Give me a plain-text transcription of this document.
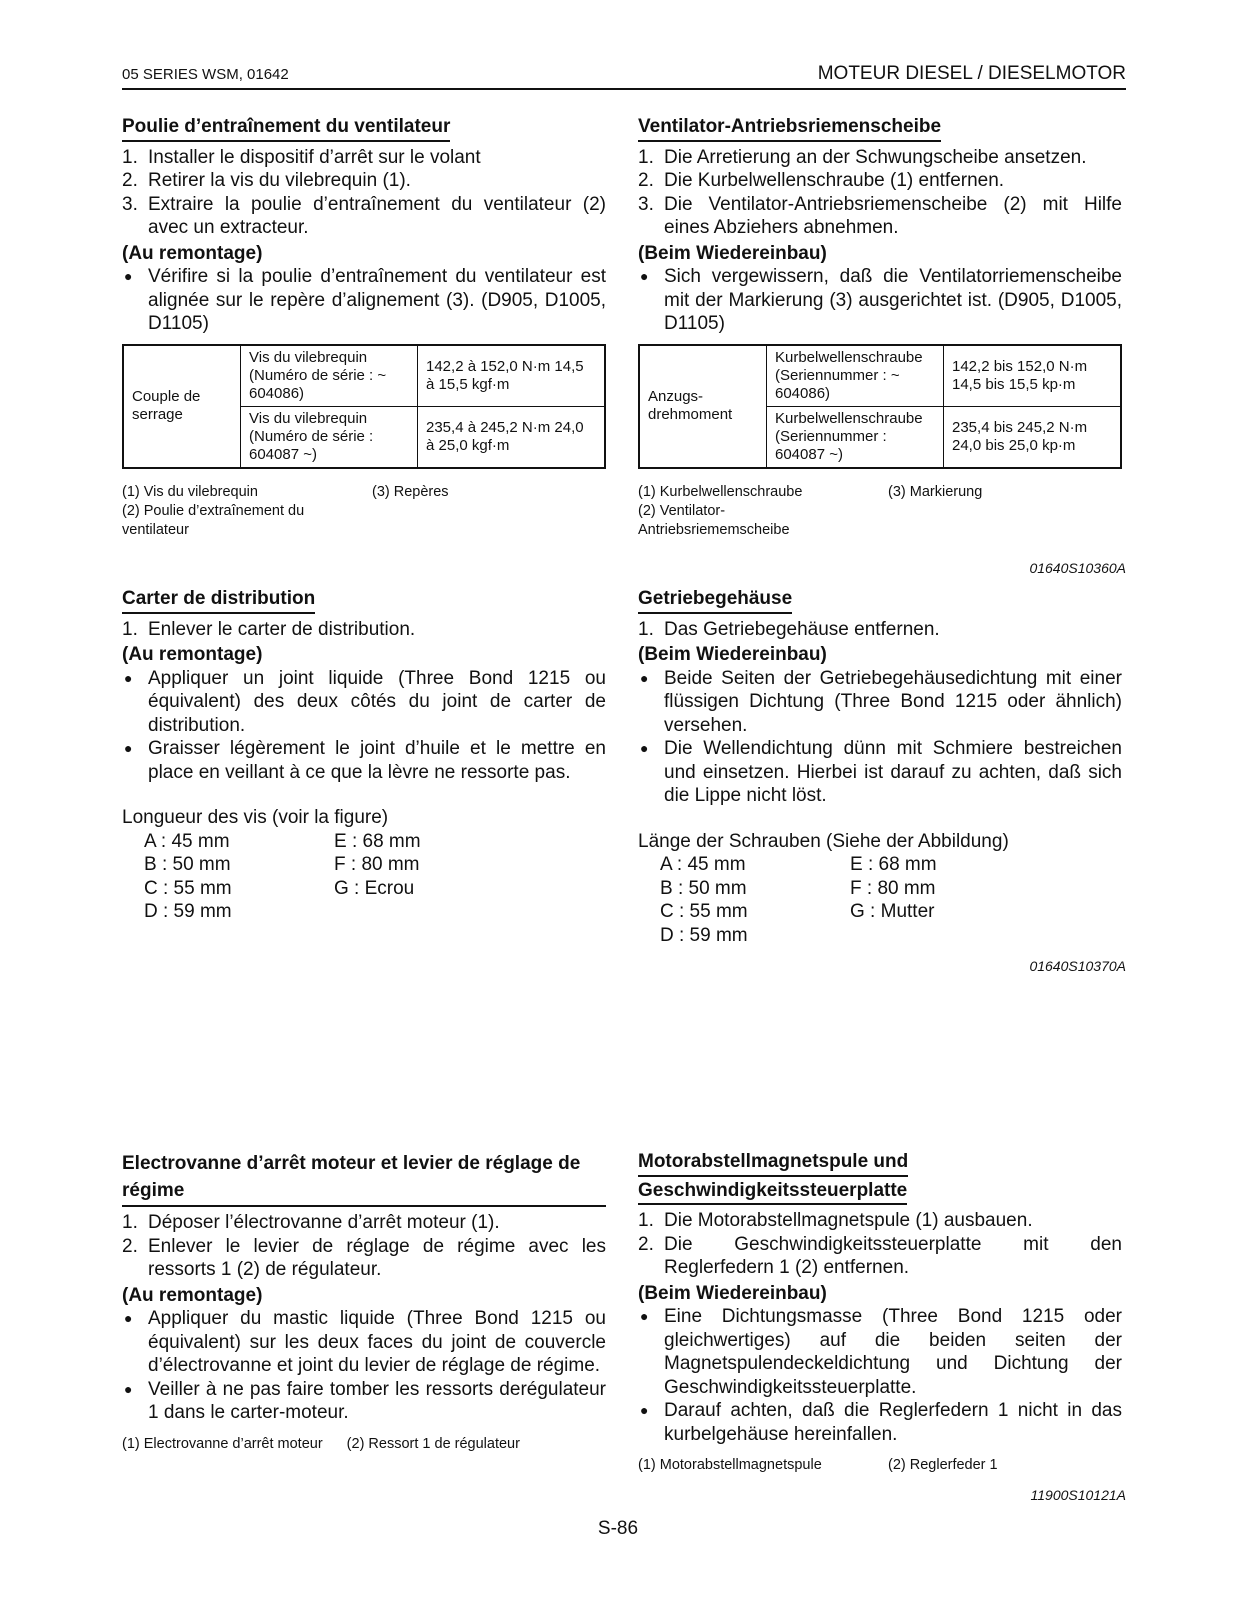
05 SERIES WSM, 01642	MOTEUR DIESEL / DIESELMOTOR
Poulie d’entraînement du ventilateur
1. Installer le dispositif d’arrêt sur le volant
2. Retirer la vis du vilebrequin (1).
3. Extraire la poulie d’entraînement du ventilateur (2) avec un extracteur.
(Au remontage)
● Vérifire si la poulie d’entraînement du ventilateur est alignée sur le repère d’alignement (3). (D905, D1005, D1105)
Couple de serrage	Vis du vilebrequin (Numéro de série : ~ 604086)	142,2 à 152,0 N·m 14,5 à 15,5 kgf·m
	Vis du vilebrequin (Numéro de série : 604087 ~)	235,4 à 245,2 N·m 24,0 à 25,0 kgf·m
(1) Vis du vilebrequin
(2) Poulie d’extraînement du ventilateur

(3) Repères
Ventilator-Antriebsriemenscheibe
1. Die Arretierung an der Schwungscheibe ansetzen.
2. Die Kurbelwellenschraube (1) entfernen.
3. Die Ventilator-Antriebsriemenscheibe (2) mit Hilfe eines Abziehers abnehmen.
(Beim Wiedereinbau)
● Sich vergewissern, daß die Ventilatorriemenscheibe mit der Markierung (3) ausgerichtet ist. (D905, D1005, D1105)
Anzugs-drehmoment	Kurbelwellenschraube (Seriennummer : ~ 604086)	142,2 bis 152,0 N·m 14,5 bis 15,5 kp·m
	Kurbelwellenschraube (Seriennummer : 604087 ~)	235,4 bis 245,2 N·m 24,0 bis 25,0 kp·m
(1) Kurbelwellenschraube
(2) Ventilator-Antriebsriememscheibe

(3) Markierung
01640S10360A
Carter de distribution
1. Enlever le carter de distribution.
(Au remontage)
● Appliquer un joint liquide (Three Bond 1215 ou équivalent) des deux côtés du joint de carter de distribution.
● Graisser légèrement le joint d’huile et le mettre en place en veillant à ce que la lèvre ne ressorte pas.
Longueur des vis (voir la figure)
A : 45 mm	E : 68 mm
B : 50 mm	F : 80 mm
C : 55 mm	G : Ecrou
D : 59 mm
Getriebegehäuse
1. Das Getriebegehäuse entfernen.
(Beim Wiedereinbau)
● Beide Seiten der Getriebegehäusedichtung mit einer flüssigen Dichtung (Three Bond 1215 oder ähnlich) versehen.
● Die Wellendichtung dünn mit Schmiere bestreichen und einsetzen. Hierbei ist darauf zu achten, daß sich die Lippe nicht löst.
Länge der Schrauben (Siehe der Abbildung)
A : 45 mm	E : 68 mm
B : 50 mm	F : 80 mm
C : 55 mm	G : Mutter
D : 59 mm
01640S10370A
Electrovanne d’arrêt moteur et levier de réglage de régime
1. Déposer l’électrovanne d’arrêt moteur (1).
2. Enlever le levier de réglage de régime avec les ressorts 1 (2) de régulateur.
(Au remontage)
● Appliquer du mastic liquide (Three Bond 1215 ou équivalent) sur les deux faces du joint de couvercle d’électrovanne et joint du levier de réglage de régime.
● Veiller à ne pas faire tomber les ressorts derégulateur 1 dans le carter-moteur.
(1) Electrovanne d’arrêt moteur (2) Ressort 1 de régulateur
Motorabstellmagnetspule und
Geschwindigkeitssteuerplatte
1. Die Motorabstellmagnetspule (1) ausbauen.
2. Die Geschwindigkeitssteuerplatte mit den Reglerfedern 1 (2) entfernen.
(Beim Wiedereinbau)
● Eine Dichtungsmasse (Three Bond 1215 oder gleichwertiges) auf die beiden seiten der Magnetspulendeckeldichtung und Dichtung der Geschwindigkeitssteuerplatte.
● Darauf achten, daß die Reglerfedern 1 nicht in das kurbelgehäuse hereinfallen.
(1) Motorabstellmagnetspule	(2) Reglerfeder 1
11900S10121A
S-86
